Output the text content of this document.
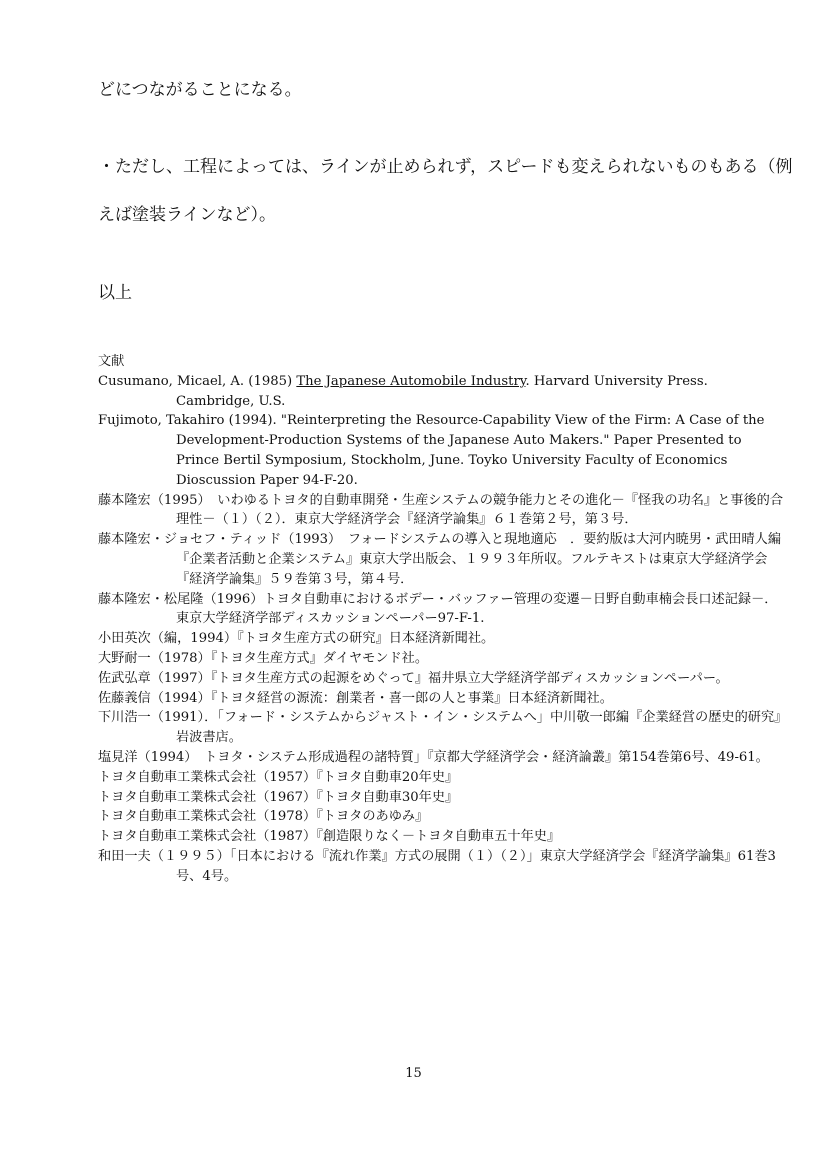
どにつながることになる。

・ただし、工程によっては、ラインが止められず，スピードも変えられないものもある（例

えば塗装ラインなど）。

以上

文献

Cusumano, Micael, A. (1985) The Japanese Automobile Industry. Harvard University Press. Cambridge, U.S.

Fujimoto, Takahiro (1994). "Reinterpreting the Resource-Capability View of the Firm: A Case of the Development-Production Systems of the Japanese Auto Makers." Paper Presented to Prince Bertil Symposium, Stockholm, June. Toyko University Faculty of Economics Dioscussion Paper 94-F-20.

藤本隆宏（1995）　いわゆるトヨタ的自動車開発・生産システムの競争能力とその進化－『怪我の功名』と事後的合理性－（１）（２）．東京大学経済学会『経済学論集』６１巻第２号，第３号．

藤本隆宏・ジョセフ・ティッド（1993）　フォードシステムの導入と現地適応　．要約版は大河内暁男・武田晴人編『企業者活動と企業システム』東京大学出版会、１９９３年所収。フルテキストは東京大学経済学会『経済学論集』５９巻第３号，第４号．

藤本隆宏・松尾隆（1996）トヨタ自動車におけるボデー・バッファー管理の変遷－日野自動車楠会長口述記録－．東京大学経済学部ディスカッションペーパー97-F-1.

小田英次（編，1994）『トヨタ生産方式の研究』日本経済新聞社。

大野耐一（1978）『トヨタ生産方式』ダイヤモンド社。

佐武弘章（1997）『トヨタ生産方式の起源をめぐって』福井県立大学経済学部ディスカッションペーパー。

佐藤義信（1994）『トヨタ経営の源流：創業者・喜一郎の人と事業』日本経済新聞社。

下川浩一（1991）．「フォード・システムからジャスト・イン・システムへ」中川敬一郎編『企業経営の歴史的研究』岩波書店。

塩見洋（1994）　トヨタ・システム形成過程の諸特質」『京都大学経済学会・経済論叢』第154巻第6号、49-61。

トヨタ自動車工業株式会社（1957）『トヨタ自動車20年史』

トヨタ自動車工業株式会社（1967）『トヨタ自動車30年史』

トヨタ自動車工業株式会社（1978）『トヨタのあゆみ』

トヨタ自動車工業株式会社（1987）『創造限りなく－トヨタ自動車五十年史』

和田一夫（１９９５）「日本における『流れ作業』方式の展開（１）（２）」東京大学経済学会『経済学論集』61巻3号、4号。

15
